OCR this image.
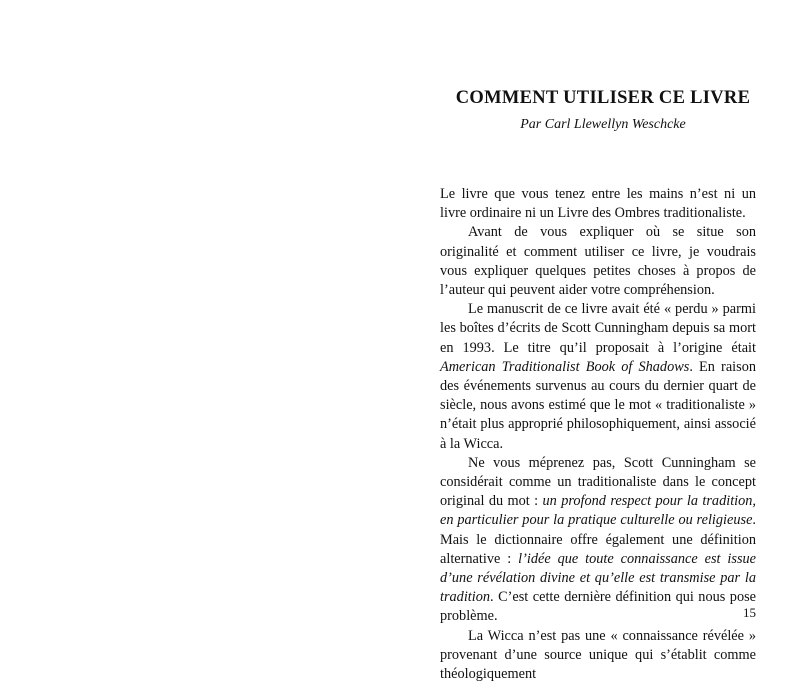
COMMENT UTILISER CE LIVRE
Par Carl Llewellyn Weschcke

Le livre que vous tenez entre les mains n’est ni un livre ordinaire ni un Livre des Ombres traditionaliste.

Avant de vous expliquer où se situe son originalité et comment utiliser ce livre, je voudrais vous expliquer quelques petites choses à propos de l’auteur qui peuvent aider votre compréhension.

Le manuscrit de ce livre avait été « perdu » parmi les boîtes d’écrits de Scott Cunningham depuis sa mort en 1993. Le titre qu’il proposait à l’origine était American Traditionalist Book of Shadows. En raison des événements survenus au cours du dernier quart de siècle, nous avons estimé que le mot « traditionaliste » n’était plus approprié philosophiquement, ainsi associé à la Wicca.

Ne vous méprenez pas, Scott Cunningham se considérait comme un traditionaliste dans le concept original du mot : un profond respect pour la tradition, en particulier pour la pratique culturelle ou religieuse. Mais le dictionnaire offre également une définition alternative : l’idée que toute connaissance est issue d’une révélation divine et qu’elle est transmise par la tradition. C’est cette dernière définition qui nous pose problème.

La Wicca n’est pas une « connaissance révélée » provenant d’une source unique qui s’établit comme théologiquement

15
